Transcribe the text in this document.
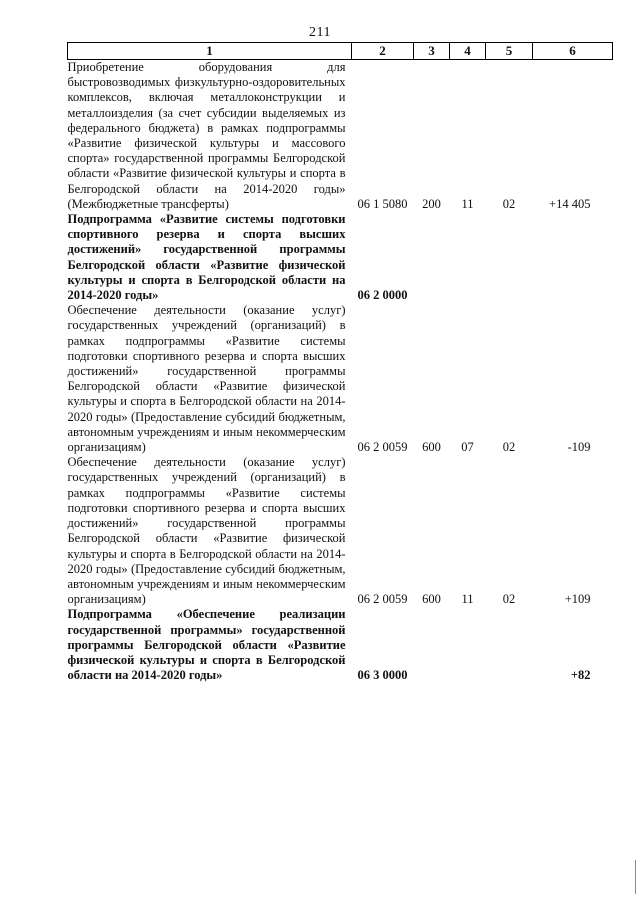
211
1	2	3	4	5	6
Приобретение оборудования для быстровозводимых физкультурно-оздоровительных комплексов, включая металлоконструкции и металлоизделия (за счет субсидии выделяемых из федерального бюджета) в рамках подпрограммы «Развитие физической культуры и массового спорта» государственной программы Белгородской области «Развитие физической культуры и спорта в Белгородской области на 2014-2020 годы» (Межбюджетные трансферты)	06 1 5080	200	11	02	+14 405
Подпрограмма «Развитие системы подготовки спортивного резерва и спорта высших достижений» государственной программы Белгородской области «Развитие физической культуры и спорта в Белгородской области на 2014-2020 годы»	06 2 0000				
Обеспечение деятельности (оказание услуг) государственных учреждений (организаций) в рамках подпрограммы «Развитие системы подготовки спортивного резерва и спорта высших достижений» государственной программы Белгородской области «Развитие физической культуры и спорта в Белгородской области на 2014-2020 годы» (Предоставление субсидий бюджетным, автономным учреждениям и иным некоммерческим организациям)	06 2 0059	600	07	02	-109
Обеспечение деятельности (оказание услуг) государственных учреждений (организаций) в рамках подпрограммы «Развитие системы подготовки спортивного резерва и спорта высших достижений» государственной программы Белгородской области «Развитие физической культуры и спорта в Белгородской области на 2014-2020 годы» (Предоставление субсидий бюджетным, автономным учреждениям и иным некоммерческим организациям)	06 2 0059	600	11	02	+109
Подпрограмма «Обеспечение реализации государственной программы» государственной программы Белгородской области «Развитие физической культуры и спорта в Белгородской области на 2014-2020 годы»	06 3 0000				+82
